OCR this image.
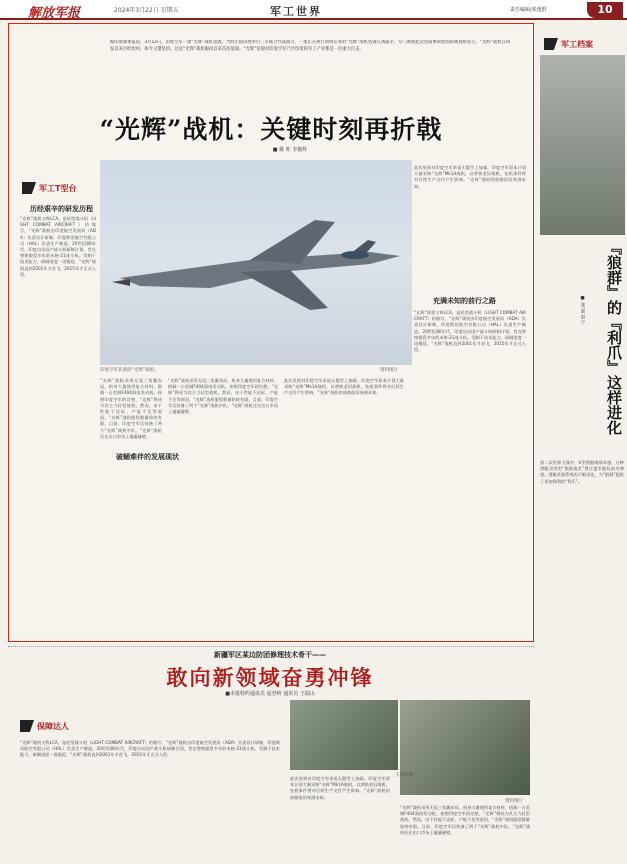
解放军报	2024年3月22日 星期五	军工世界	责任编辑/张逸舒	10
据印度媒体报道，3月12日，印度空军一架“光辉”战机坠毁。当时正值印度举行三军联合作战演习，一架正在执行训练任务的“光辉”战机坠毁在斋浦尔。专门调查此次坠毁事故原因的调查组成立。“光辉”战机自研发以来历经坎坷，如今又遭坠机。这是“光辉”战机服役以来首次坠毁。“光辉”坠毁对印度空军乃至印度的军工产业都是一次重大打击。
“光辉”战机：关键时刻再折戟
■ 姚 旺 李俊辉
印度空军装备的“光辉”战机。	资料图片
军工T型台
历经艰辛的研发历程
“光辉”战机又称LCA，是轻型战斗机（LIGHT COMBAT AIRCRAFT）的缩写，“光辉”战机由印度航空发展局（ADA）负责设计研制，印度斯坦航空有限公司（HAL）负责生产制造。20世纪80年代，印度启动国产战斗机研制计划，旨在替换服役多年的米格-21战斗机。受制于技术能力，研制进度一再拖延，“光辉”战机直到2001年才首飞，2015年才正式入役。
“光辉”战机采用无尾三角翼布局，机身大量使用复合材料，搭载一台美制F404涡扇发动机。按照印度空军的设想，“光辉”将成为其主力轻型战机。然而，由于性能不达标、产能不足等原因，“光辉”战机服役数量始终有限。目前，印度空军仅装备了两个“光辉”战机中队。“光辉”战机还在出口市场上屡屡碰壁。
破蛹难伴的发展现状
“光辉”战机采用无尾三角翼布局，机身大量使用复合材料，搭载一台美制F404涡扇发动机。按照印度空军的设想，“光辉”将成为其主力轻型战机。然而，由于性能不达标、产能不足等原因，“光辉”战机服役数量始终有限。目前，印度空军仅装备了两个“光辉”战机中队。“光辉”战机还在出口市场上屡屡碰壁。
此次坠毁对印度空军来说无疑雪上加霜。印度空军原本计划大量采购“光辉”Mk1A战机，以替换老旧战机。坠机事件将对后续生产交付产生影响。“光辉”战机的前路依旧充满未知。
此次坠毁对印度空军来说无疑雪上加霜。印度空军原本计划大量采购“光辉”Mk1A战机，以替换老旧战机。坠机事件将对后续生产交付产生影响。“光辉”战机的前路依旧充满未知。
充满未知的前行之路
“光辉”战机又称LCA，是轻型战斗机（LIGHT COMBAT AIRCRAFT）的缩写，“光辉”战机由印度航空发展局（ADA）负责设计研制，印度斯坦航空有限公司（HAL）负责生产制造。20世纪80年代，印度启动国产战斗机研制计划，旨在替换服役多年的米格-21战斗机。受制于技术能力，研制进度一再拖延，“光辉”战机直到2001年才首飞，2015年才正式入役。
军工档案
『狼群』的『利爪』这样进化
■ 张 磊 赵 宁
第二次世界大战中，U型潜艇战绩卓越。这种潜艇采用的“狼群战术”曾让盟军船队损失惨重。潜艇武器系统的不断进化，为“狼群”提供了更加锋利的“利爪”。
新疆军区某边防团修理技术骨干——
敢向新领域奋勇冲锋
■本报特约通讯员 庞登岭 通讯员 王瑞山
保障达人
“光辉”战机又称LCA，是轻型战斗机（LIGHT COMBAT AIRCRAFT）的缩写，“光辉”战机由印度航空发展局（ADA）负责设计研制，印度斯坦航空有限公司（HAL）负责生产制造。20世纪80年代，印度启动国产战斗机研制计划，旨在替换服役多年的米格-21战斗机。受制于技术能力，研制进度一再拖延，“光辉”战机直到2001年才首飞，2015年才正式入役。
王瑞山摄
资料图片
此次坠毁对印度空军来说无疑雪上加霜。印度空军原本计划大量采购“光辉”Mk1A战机，以替换老旧战机。坠机事件将对后续生产交付产生影响。“光辉”战机的前路依旧充满未知。
“光辉”战机采用无尾三角翼布局，机身大量使用复合材料，搭载一台美制F404涡扇发动机。按照印度空军的设想，“光辉”将成为其主力轻型战机。然而，由于性能不达标、产能不足等原因，“光辉”战机服役数量始终有限。目前，印度空军仅装备了两个“光辉”战机中队。“光辉”战机还在出口市场上屡屡碰壁。
